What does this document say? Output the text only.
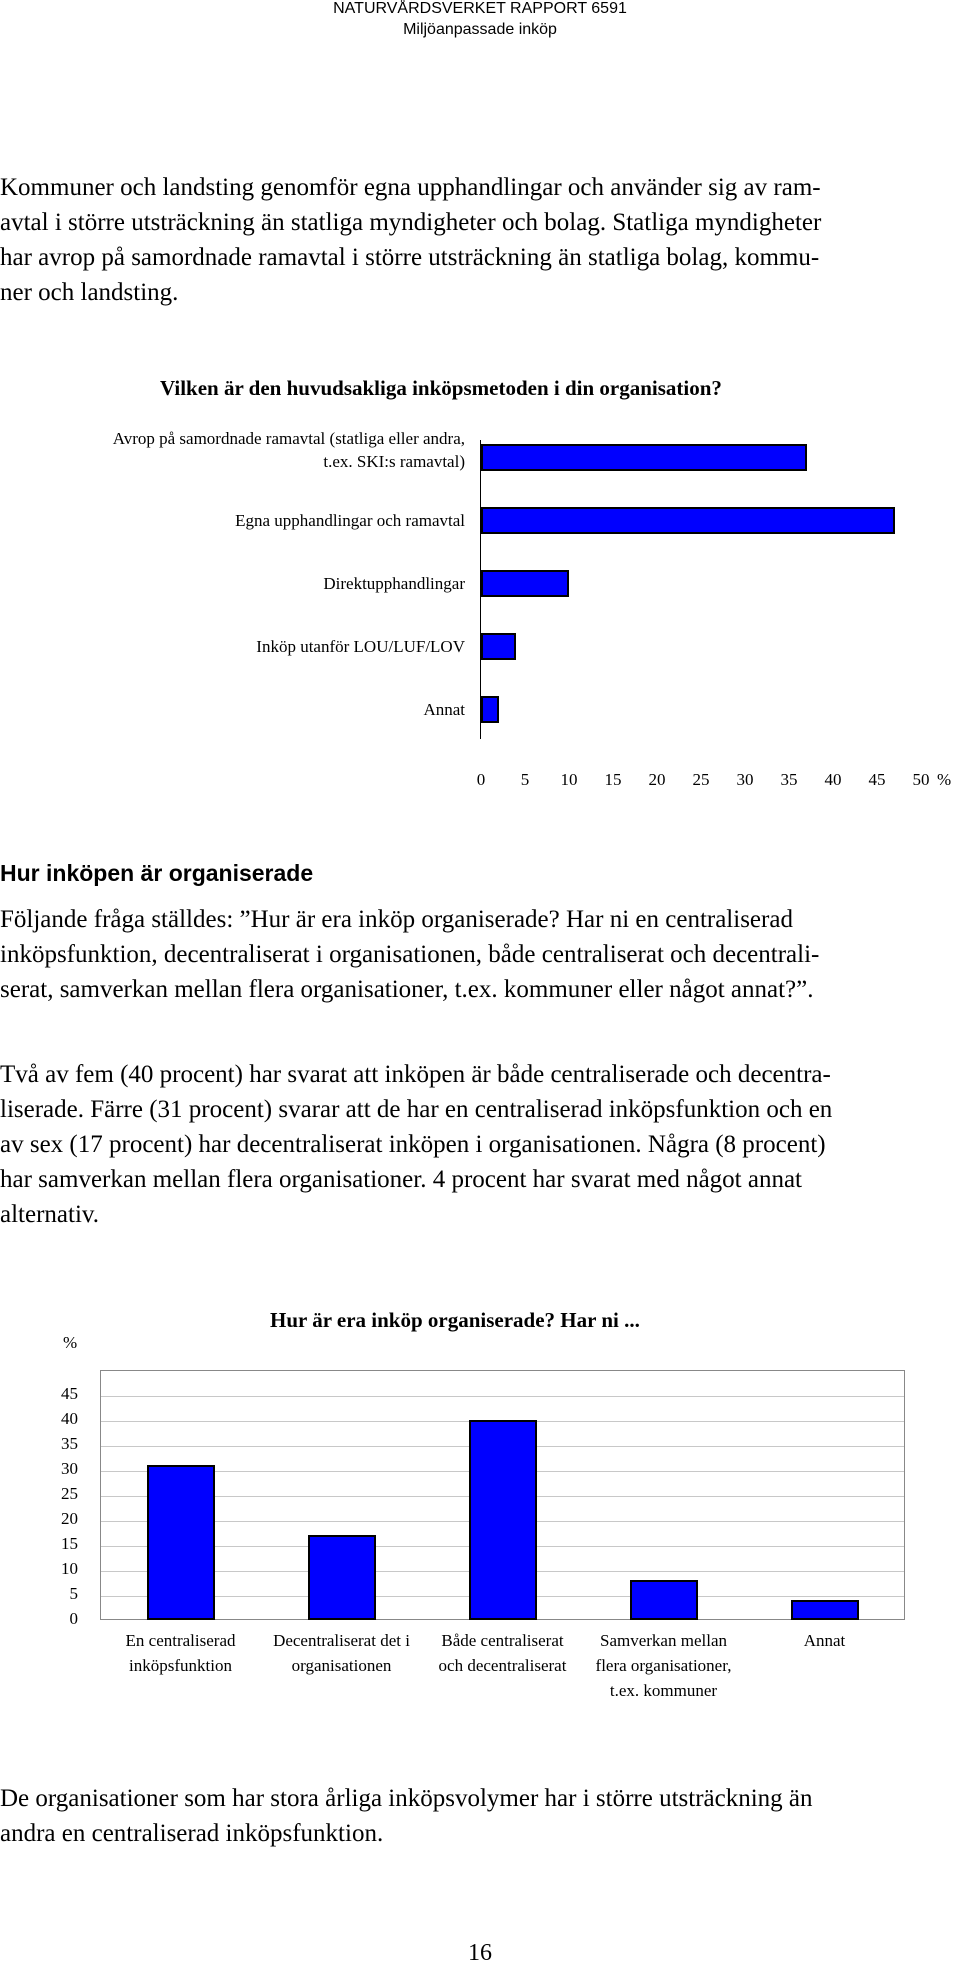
NATURVÅRDSVERKET RAPPORT 6591
Miljöanpassade inköp
Kommuner och landsting genomför egna upphandlingar och använder sig av ram-
avtal i större utsträckning än statliga myndigheter och bolag. Statliga myndigheter
har avrop på samordnade ramavtal i större utsträckning än statliga bolag, kommu-
ner och landsting.
Vilken är den huvudsakliga inköpsmetoden i din organisation?
Avrop på samordnade ramavtal (statliga eller andra,
t.ex. SKI:s ramavtal)
Egna upphandlingar och ramavtal
Direktupphandlingar
Inköp utanför LOU/LUF/LOV
Annat
0	5	10	15	20	25	30	35	40	45	50 %
Hur inköpen är organiserade
Följande fråga ställdes: ”Hur är era inköp organiserade? Har ni en centraliserad
inköpsfunktion, decentraliserat i organisationen, både centraliserat och decentrali-
serat, samverkan mellan flera organisationer, t.ex. kommuner eller något annat?”.
Två av fem (40 procent) har svarat att inköpen är både centraliserade och decentra-
liserade. Färre (31 procent) svarar att de har en centraliserad inköpsfunktion och en
av sex (17 procent) har decentraliserat inköpen i organisationen. Några (8 procent)
har samverkan mellan flera organisationer. 4 procent har svarat med något annat
alternativ.
Hur är era inköp organiserade? Har ni ...
0
5
10
15
20
25
30
35
40
45
%
En centraliserad
inköpsfunktion
Decentraliserat det i
organisationen
Både centraliserat
och decentraliserat
Samverkan mellan
flera organisationer,
t.ex. kommuner
Annat
De organisationer som har stora årliga inköpsvolymer har i större utsträckning än
andra en centraliserad inköpsfunktion.
16
